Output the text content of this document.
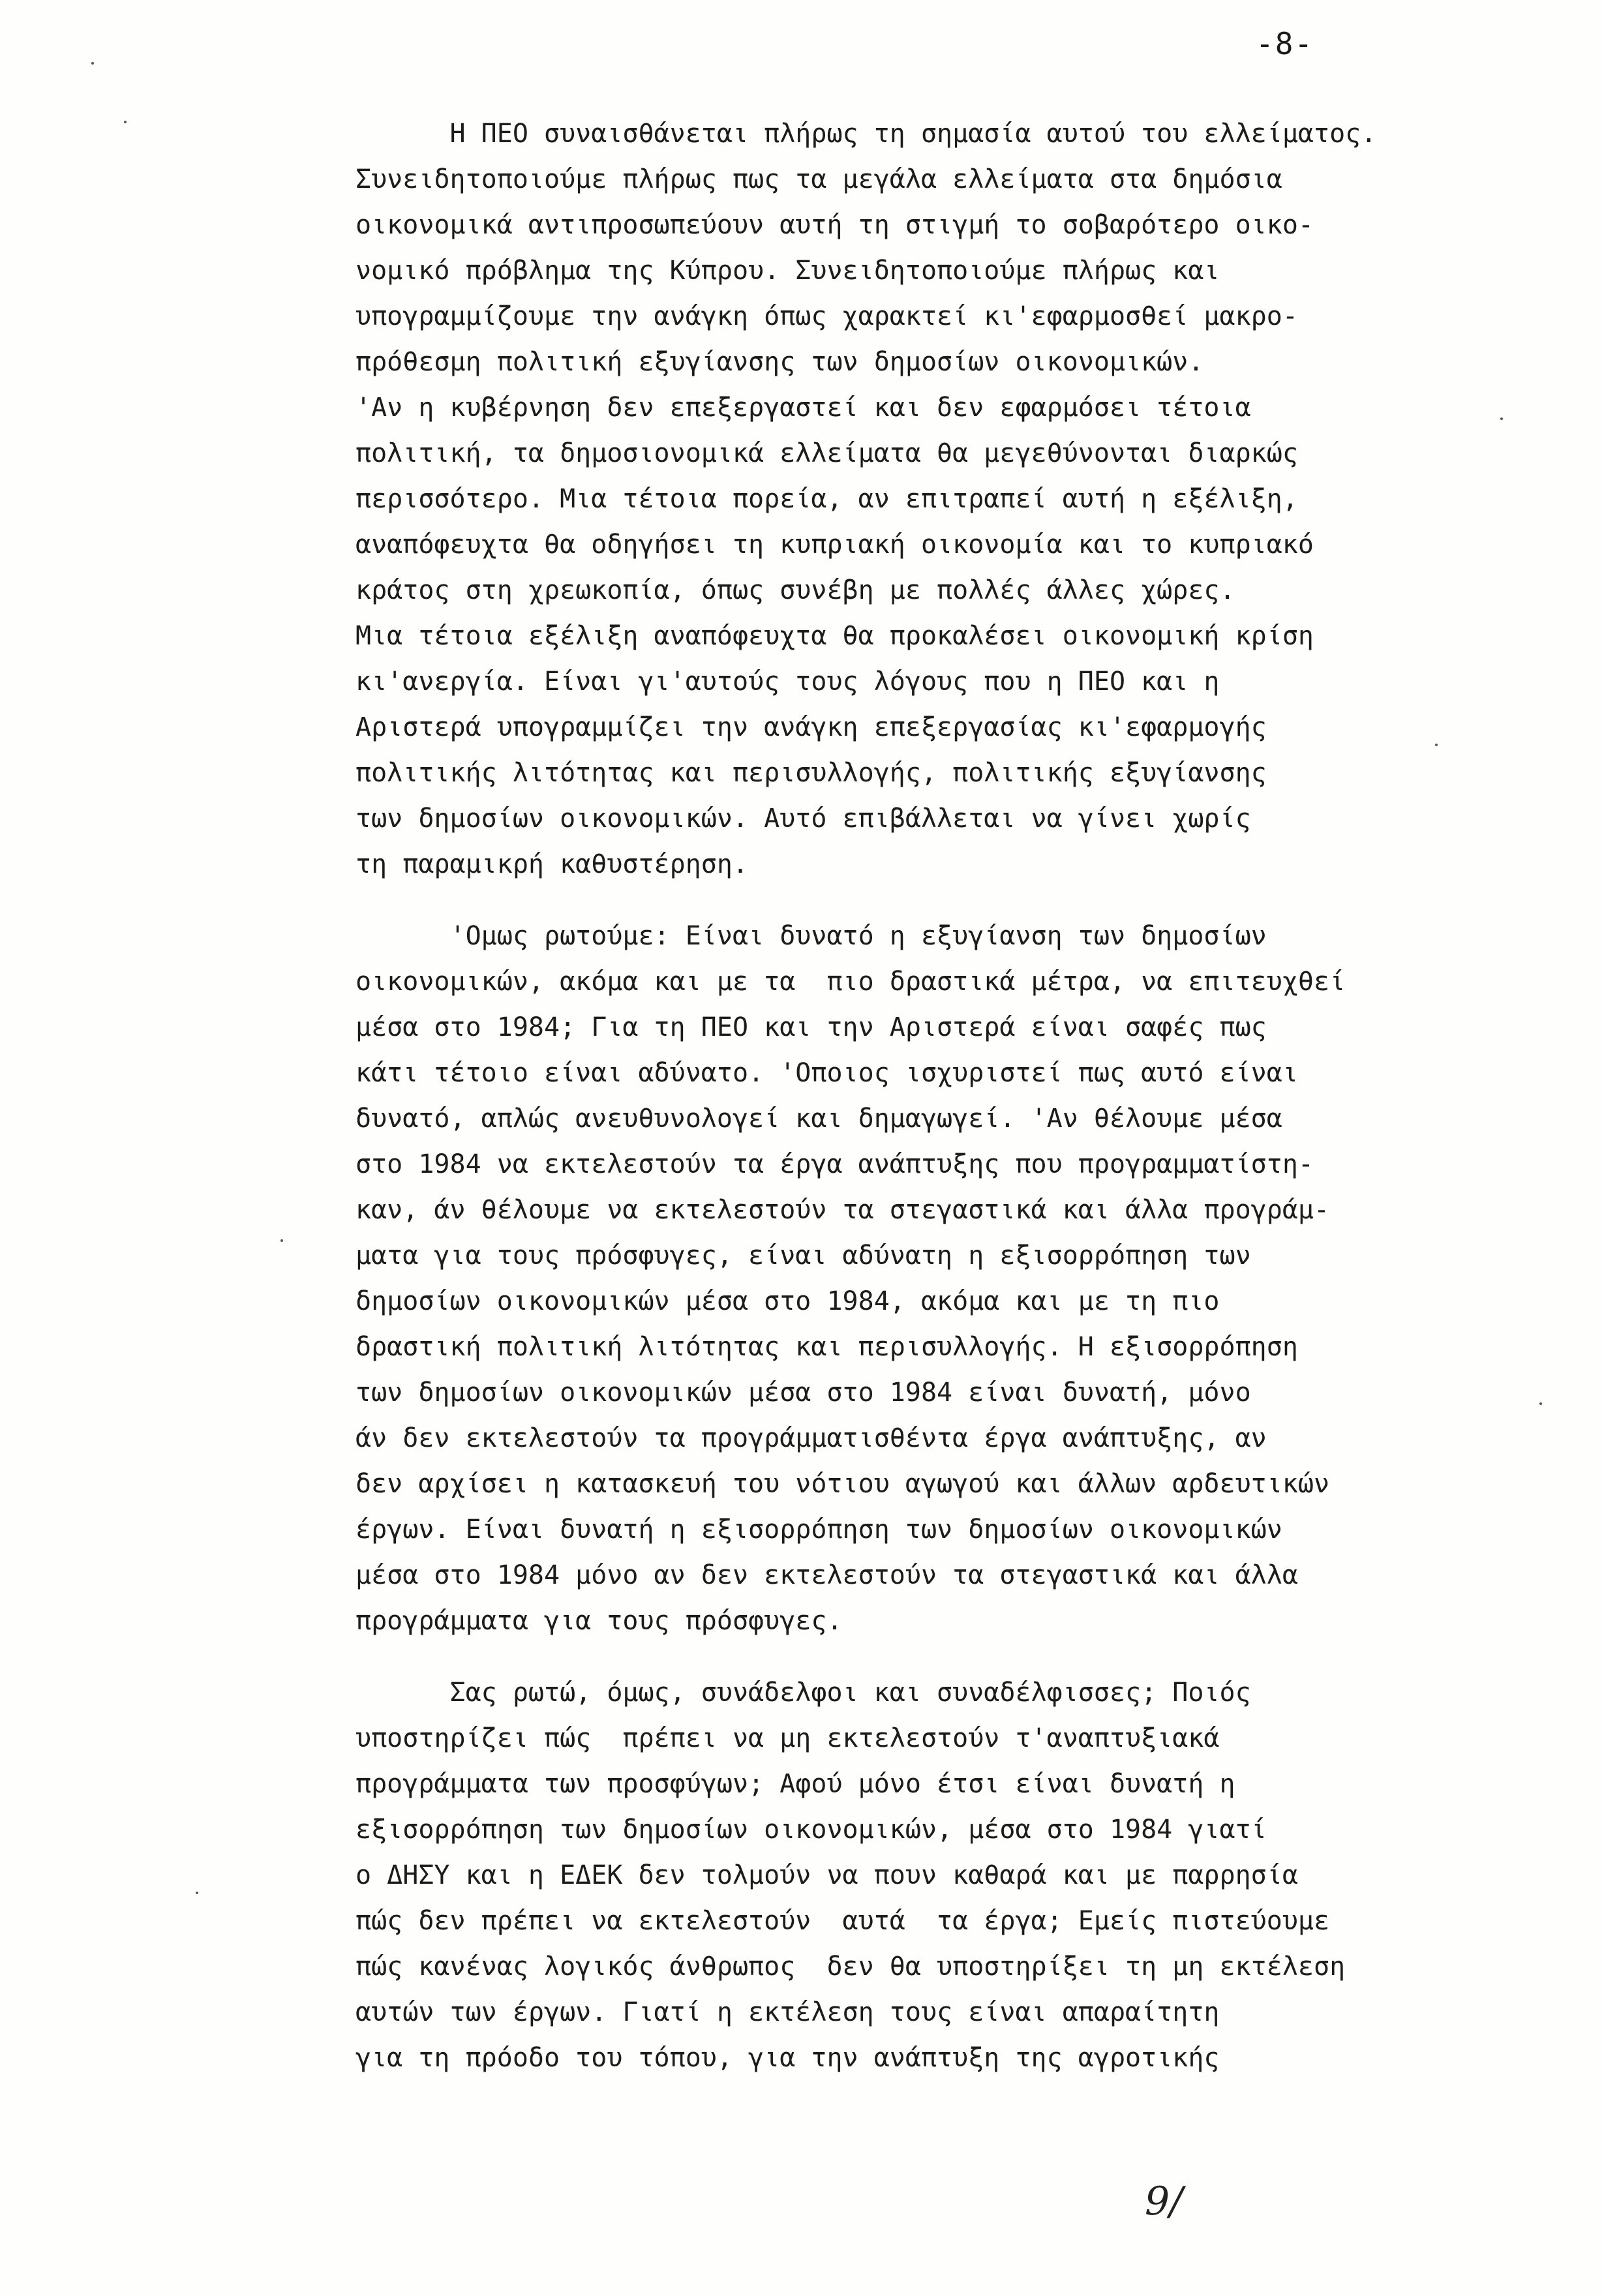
-8-
Η ΠΕΟ συναισθάνεται πλήρως τη σημασία αυτού του ελλείματος.
Συνειδητοποιούμε πλήρως πως τα μεγάλα ελλείματα στα δημόσια
οικονομικά αντιπροσωπεύουν αυτή τη στιγμή το σοβαρότερο οικο-
νομικό πρόβλημα της Κύπρου. Συνειδητοποιούμε πλήρως και
υπογραμμίζουμε την ανάγκη όπως χαρακτεί κι'εφαρμοσθεί μακρο-
πρόθεσμη πολιτική εξυγίανσης των δημοσίων οικονομικών.
'Αν η κυβέρνηση δεν επεξεργαστεί και δεν εφαρμόσει τέτοια
πολιτική, τα δημοσιονομικά ελλείματα θα μεγεθύνονται διαρκώς
περισσότερο. Μια τέτοια πορεία, αν επιτραπεί αυτή η εξέλιξη,
αναπόφευχτα θα οδηγήσει τη κυπριακή οικονομία και το κυπριακό
κράτος στη χρεωκοπία, όπως συνέβη με πολλές άλλες χώρες.
Μια τέτοια εξέλιξη αναπόφευχτα θα προκαλέσει οικονομική κρίση
κι'ανεργία. Είναι γι'αυτούς τους λόγους που η ΠΕΟ και η
Αριστερά υπογραμμίζει την ανάγκη επεξεργασίας κι'εφαρμογής
πολιτικής λιτότητας και περισυλλογής, πολιτικής εξυγίανσης
των δημοσίων οικονομικών. Αυτό επιβάλλεται να γίνει χωρίς
τη παραμικρή καθυστέρηση.
'Ομως ρωτούμε: Είναι δυνατό η εξυγίανση των δημοσίων
οικονομικών, ακόμα και με τα  πιο δραστικά μέτρα, να επιτευχθεί
μέσα στο 1984; Για τη ΠΕΟ και την Αριστερά είναι σαφές πως
κάτι τέτοιο είναι αδύνατο. 'Οποιος ισχυριστεί πως αυτό είναι
δυνατό, απλώς ανευθυνολογεί και δημαγωγεί. 'Αν θέλουμε μέσα
στο 1984 να εκτελεστούν τα έργα ανάπτυξης που προγραμματίστη-
καν, άν θέλουμε να εκτελεστούν τα στεγαστικά και άλλα προγράμ-
ματα για τους πρόσφυγες, είναι αδύνατη η εξισορρόπηση των
δημοσίων οικονομικών μέσα στο 1984, ακόμα και με τη πιο
δραστική πολιτική λιτότητας και περισυλλογής. Η εξισορρόπηση
των δημοσίων οικονομικών μέσα στο 1984 είναι δυνατή, μόνο
άν δεν εκτελεστούν τα προγράμματισθέντα έργα ανάπτυξης, αν
δεν αρχίσει η κατασκευή του νότιου αγωγού και άλλων αρδευτικών
έργων. Είναι δυνατή η εξισορρόπηση των δημοσίων οικονομικών
μέσα στο 1984 μόνο αν δεν εκτελεστούν τα στεγαστικά και άλλα
προγράμματα για τους πρόσφυγες.
Σας ρωτώ, όμως, συνάδελφοι και συναδέλφισσες; Ποιός
υποστηρίζει πώς  πρέπει να μη εκτελεστούν τ'αναπτυξιακά
προγράμματα των προσφύγων; Αφού μόνο έτσι είναι δυνατή η
εξισορρόπηση των δημοσίων οικονομικών, μέσα στο 1984 γιατί
ο ΔΗΣΥ και η ΕΔΕΚ δεν τολμούν να πουν καθαρά και με παρρησία
πώς δεν πρέπει να εκτελεστούν  αυτά  τα έργα; Εμείς πιστεύουμε
πώς κανένας λογικός άνθρωπος  δεν θα υποστηρίξει τη μη εκτέλεση
αυτών των έργων. Γιατί η εκτέλεση τους είναι απαραίτητη
για τη πρόοδο του τόπου, για την ανάπτυξη της αγροτικής
9/
